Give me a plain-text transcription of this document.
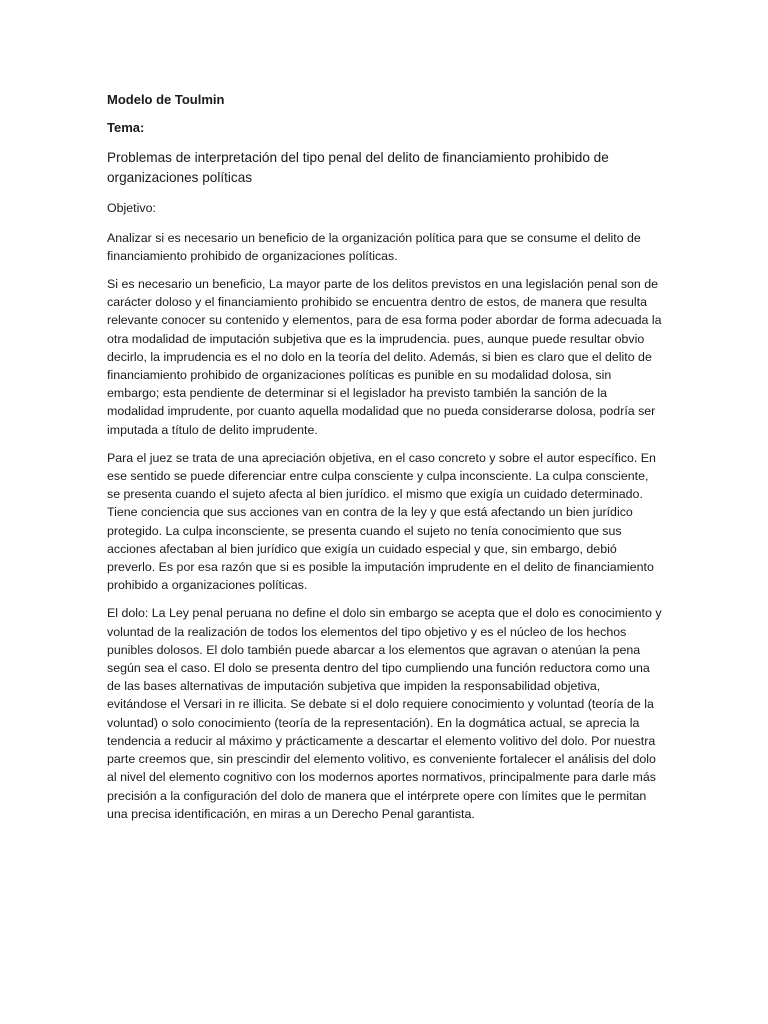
Modelo de Toulmin

Tema:

Problemas de interpretación del tipo penal del delito de financiamiento prohibido de organizaciones políticas

Objetivo:

Analizar si es necesario un beneficio de la organización política para que se consume el delito de financiamiento prohibido de organizaciones políticas.

Si es necesario un beneficio, La mayor parte de los delitos previstos en una legislación penal son de carácter doloso y el financiamiento prohibido se encuentra dentro de estos, de manera que resulta relevante conocer su contenido y elementos, para de esa forma poder abordar de forma adecuada la otra modalidad de imputación subjetiva que es la imprudencia. pues, aunque puede resultar obvio decirlo, la imprudencia es el no dolo en la teoría del delito. Además, si bien es claro que el delito de financiamiento prohibido de organizaciones políticas es punible en su modalidad dolosa, sin embargo; esta pendiente de determinar si el legislador ha previsto también la sanción de la modalidad imprudente, por cuanto aquella modalidad que no pueda considerarse dolosa, podría ser imputada a título de delito imprudente.

Para el juez se trata de una apreciación objetiva, en el caso concreto y sobre el autor específico. En ese sentido se puede diferenciar entre culpa consciente y culpa inconsciente. La culpa consciente, se presenta cuando el sujeto afecta al bien jurídico. el mismo que exigía un cuidado determinado. Tiene conciencia que sus acciones van en contra de la ley y que está afectando un bien jurídico protegido. La culpa inconsciente, se presenta cuando el sujeto no tenía conocimiento que sus acciones afectaban al bien jurídico que exigía un cuidado especial y que, sin embargo, debió preverlo. Es por esa razón que si es posible la imputación imprudente en el delito de financiamiento prohibido a organizaciones políticas.

El dolo: La Ley penal peruana no define el dolo sin embargo se acepta que el dolo es conocimiento y voluntad de la realización de todos los elementos del tipo objetivo y es el núcleo de los hechos punibles dolosos. El dolo también puede abarcar a los elementos que agravan o atenúan la pena según sea el caso. El dolo se presenta dentro del tipo cumpliendo una función reductora como una de las bases alternativas de imputación subjetiva que impiden la responsabilidad objetiva, evitándose el Versari in re illicita. Se debate si el dolo requiere conocimiento y voluntad (teoría de la voluntad) o solo conocimiento (teoría de la representación). En la dogmática actual, se aprecia la tendencia a reducir al máximo y prácticamente a descartar el elemento volitivo del dolo. Por nuestra parte creemos que, sin prescindir del elemento volitivo, es conveniente fortalecer el análisis del dolo al nivel del elemento cognitivo con los modernos aportes normativos, principalmente para darle más precisión a la configuración del dolo de manera que el intérprete opere con límites que le permitan una precisa identificación, en miras a un Derecho Penal garantista.
